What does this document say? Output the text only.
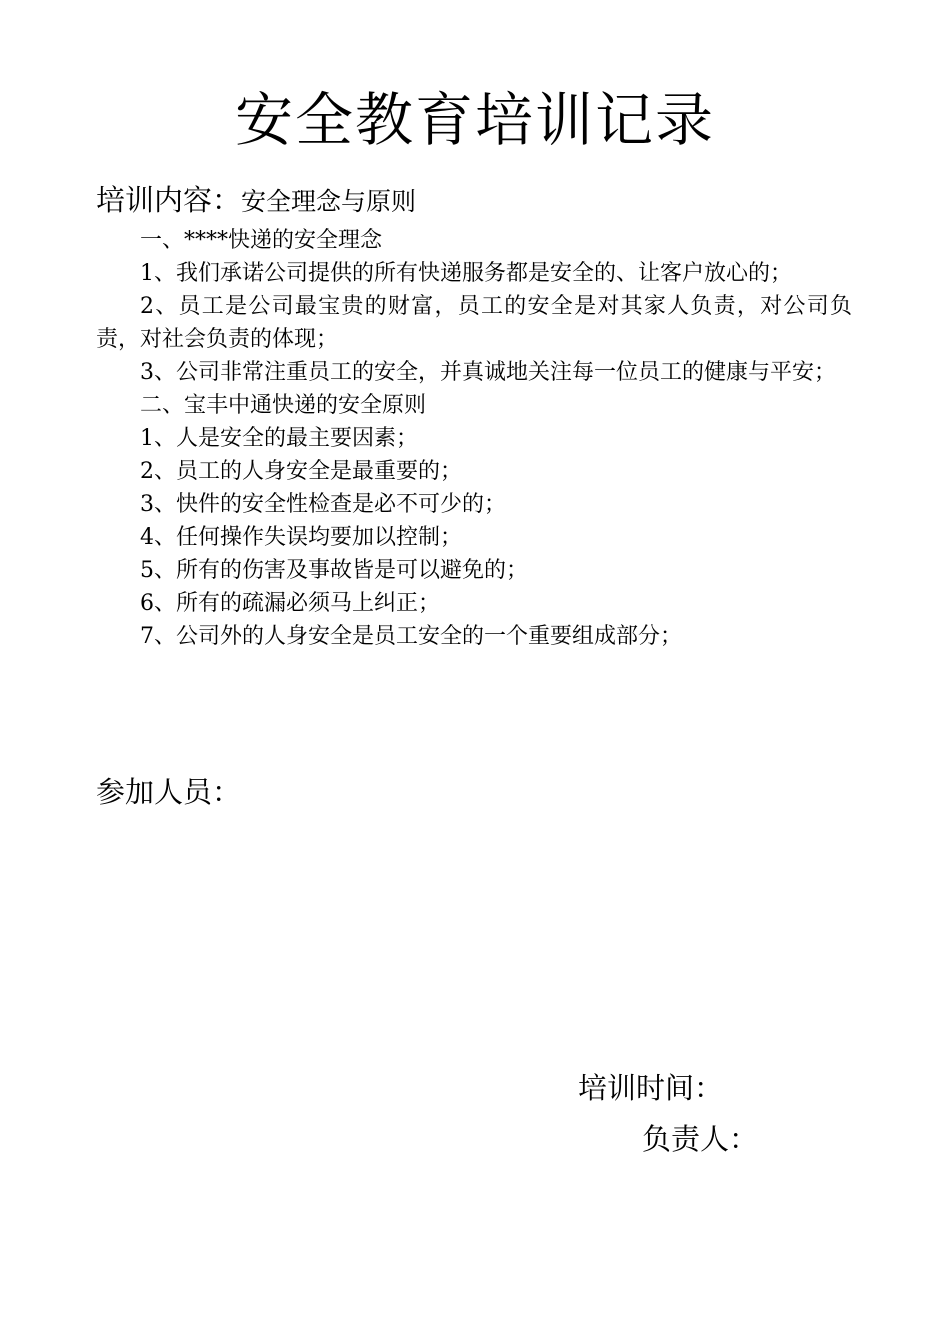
安全教育培训记录
培训内容：安全理念与原则

一、****快递的安全理念

1、我们承诺公司提供的所有快递服务都是安全的、让客户放心的；

2、员工是公司最宝贵的财富，员工的安全是对其家人负责，对公司负责，对社会负责的体现；

3、公司非常注重员工的安全，并真诚地关注每一位员工的健康与平安；

二、宝丰中通快递的安全原则

1、人是安全的最主要因素；

2、员工的人身安全是最重要的；

3、快件的安全性检查是必不可少的；

4、任何操作失误均要加以控制；

5、所有的伤害及事故皆是可以避免的；

6、所有的疏漏必须马上纠正；

7、公司外的人身安全是员工安全的一个重要组成部分；

参加人员：
培训时间：
负责人：
